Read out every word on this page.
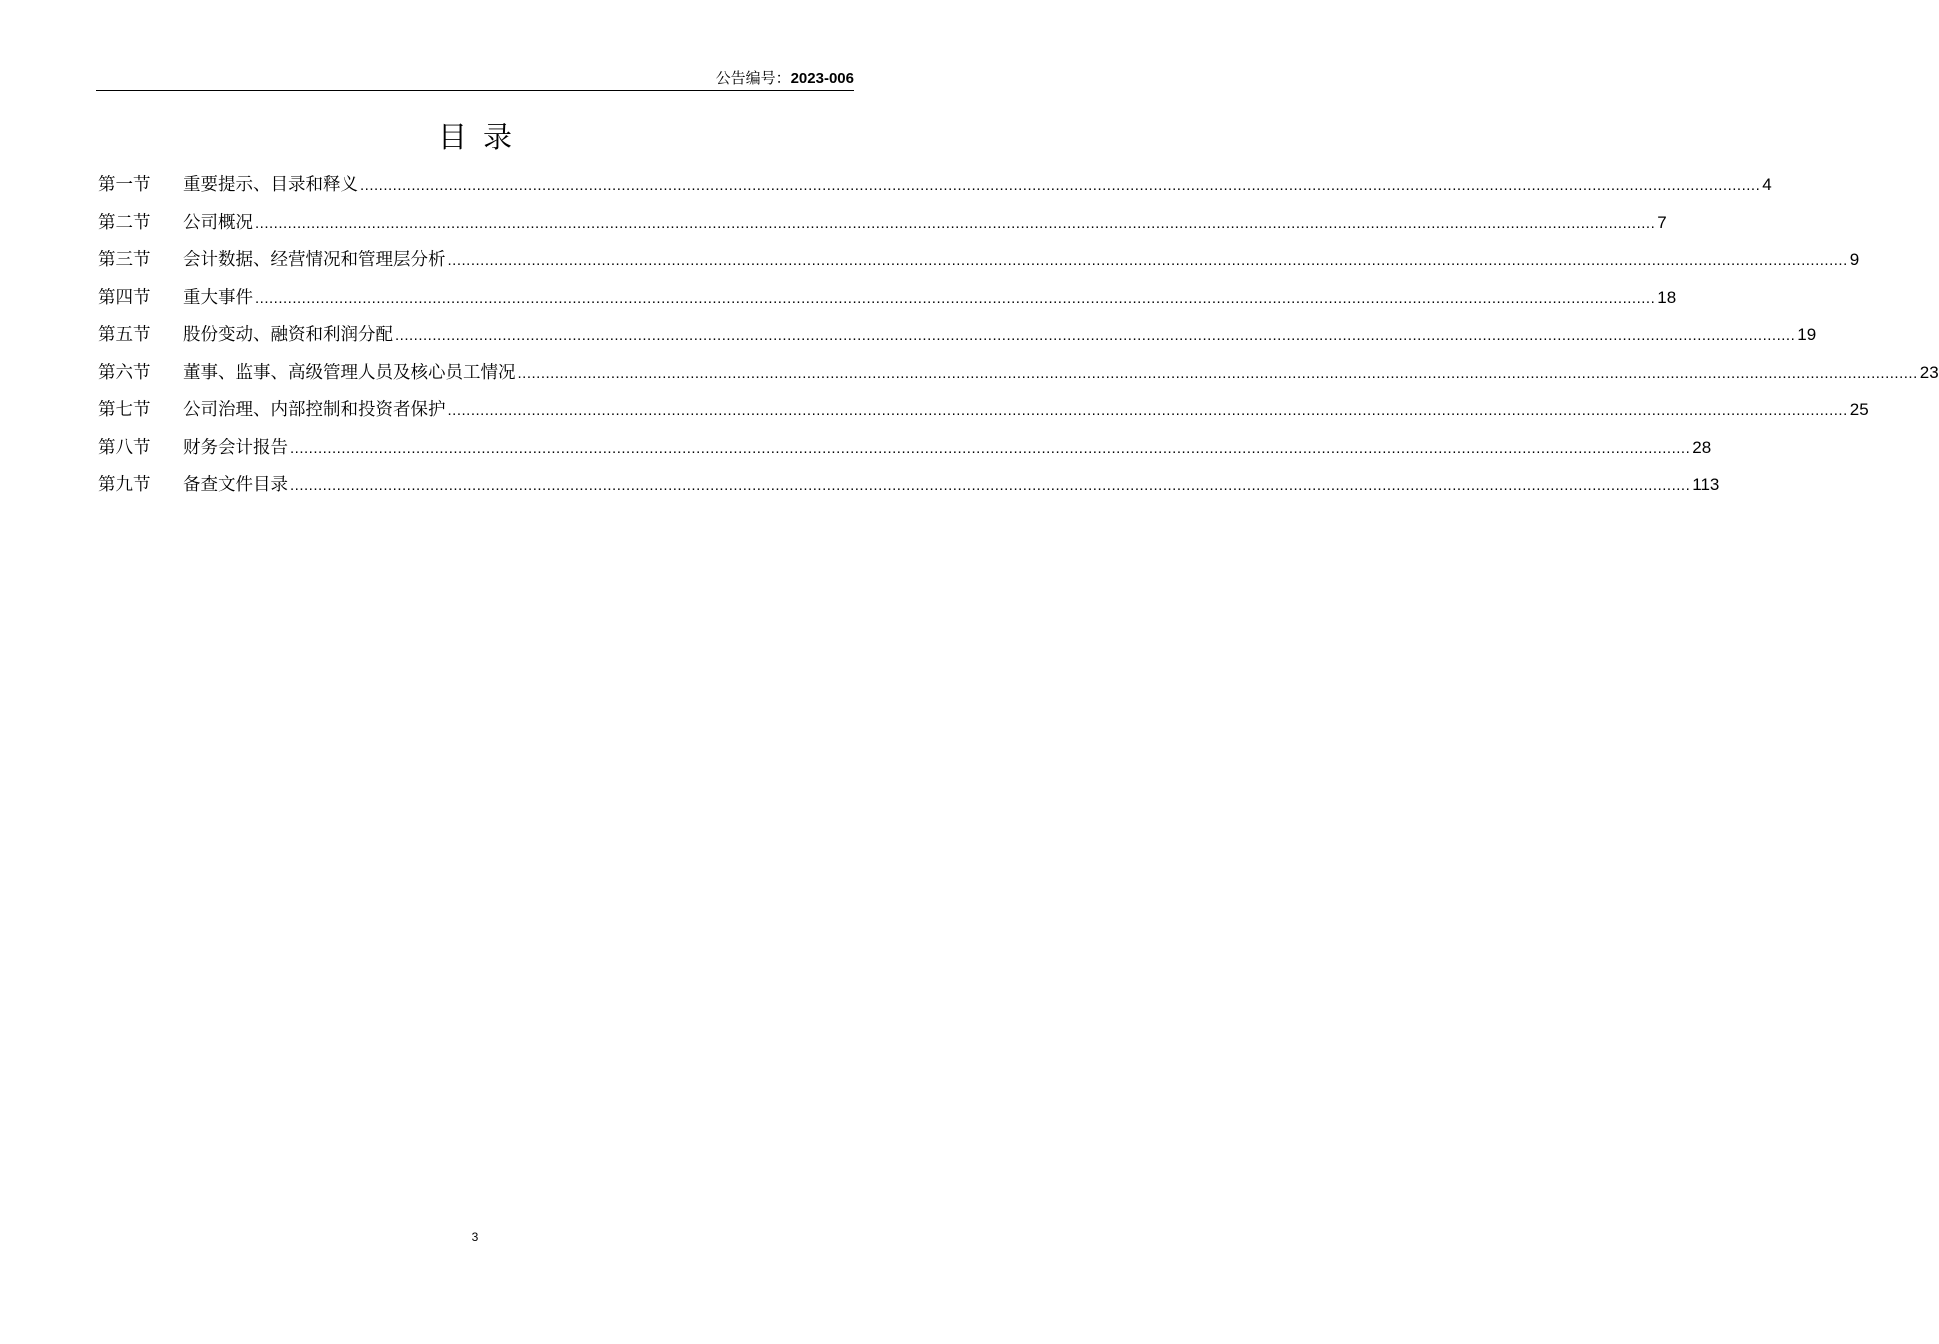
公告编号：2023-006
目录
第一节	重要提示、目录和释义 ............................................................................................................................................................................................................................................................................................................ 4
第二节	公司概况 ............................................................................................................................................................................................................................................................................................................ 7
第三节	会计数据、经营情况和管理层分析 ............................................................................................................................................................................................................................................................................................................ 9
第四节	重大事件 ............................................................................................................................................................................................................................................................................................................ 18
第五节	股份变动、融资和利润分配 ............................................................................................................................................................................................................................................................................................................ 19
第六节	董事、监事、高级管理人员及核心员工情况 ............................................................................................................................................................................................................................................................................................................ 23
第七节	公司治理、内部控制和投资者保护 ............................................................................................................................................................................................................................................................................................................ 25
第八节	财务会计报告 ............................................................................................................................................................................................................................................................................................................ 28
第九节	备查文件目录 ............................................................................................................................................................................................................................................................................................................ 113
3
